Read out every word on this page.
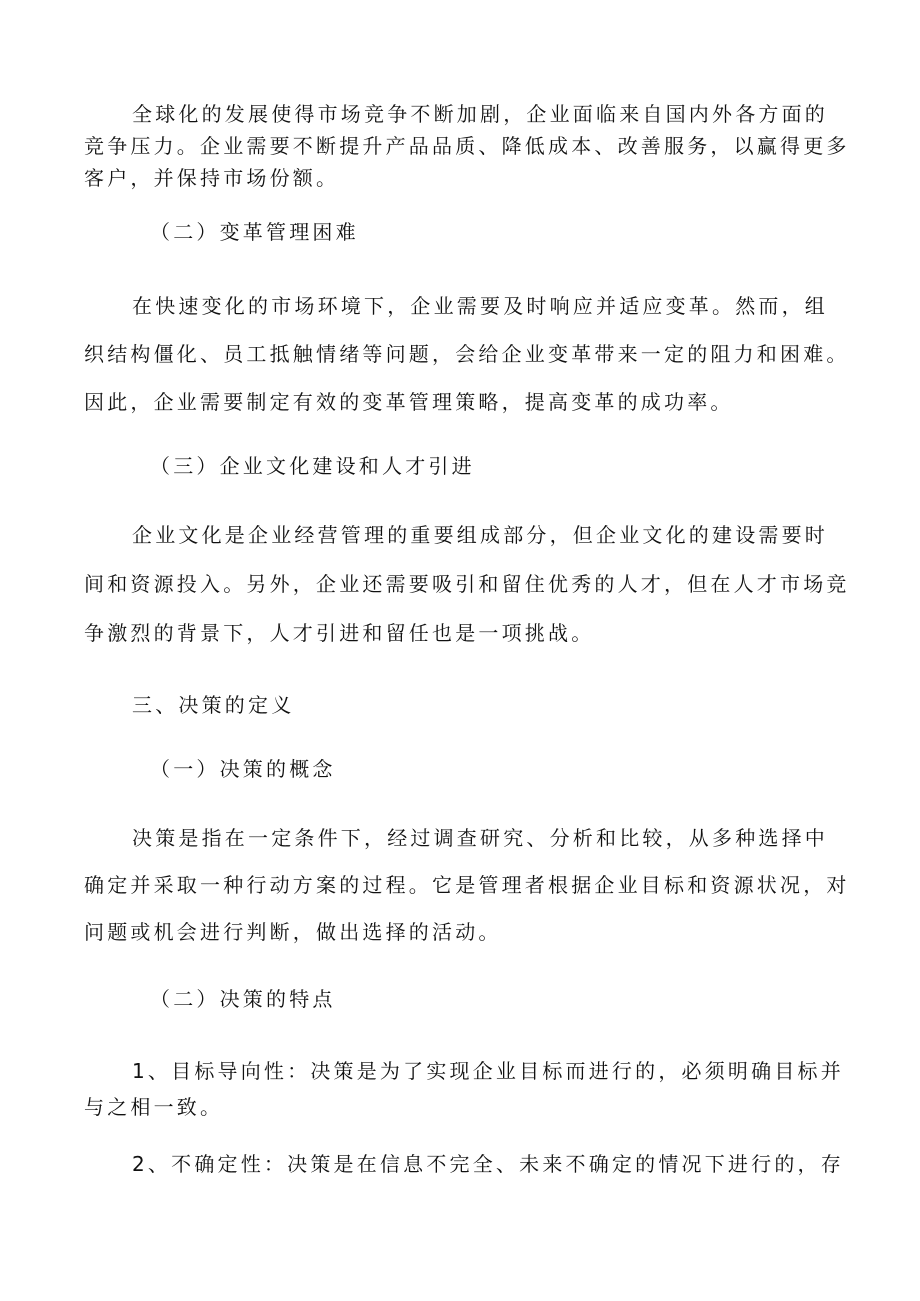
全球化的发展使得市场竞争不断加剧，企业面临来自国内外各方面的
竞争压力。企业需要不断提升产品品质、降低成本、改善服务，以赢得更多
客户，并保持市场份额。
（二）变革管理困难
在快速变化的市场环境下，企业需要及时响应并适应变革。然而，组
织结构僵化、员工抵触情绪等问题，会给企业变革带来一定的阻力和困难。
因此，企业需要制定有效的变革管理策略，提高变革的成功率。
（三）企业文化建设和人才引进
企业文化是企业经营管理的重要组成部分，但企业文化的建设需要时
间和资源投入。另外，企业还需要吸引和留住优秀的人才，但在人才市场竞
争激烈的背景下，人才引进和留任也是一项挑战。
三、决策的定义
（一）决策的概念
决策是指在一定条件下，经过调查研究、分析和比较，从多种选择中
确定并采取一种行动方案的过程。它是管理者根据企业目标和资源状况，对
问题或机会进行判断，做出选择的活动。
（二）决策的特点
1、目标导向性：决策是为了实现企业目标而进行的，必须明确目标并
与之相一致。
2、不确定性：决策是在信息不完全、未来不确定的情况下进行的，存
